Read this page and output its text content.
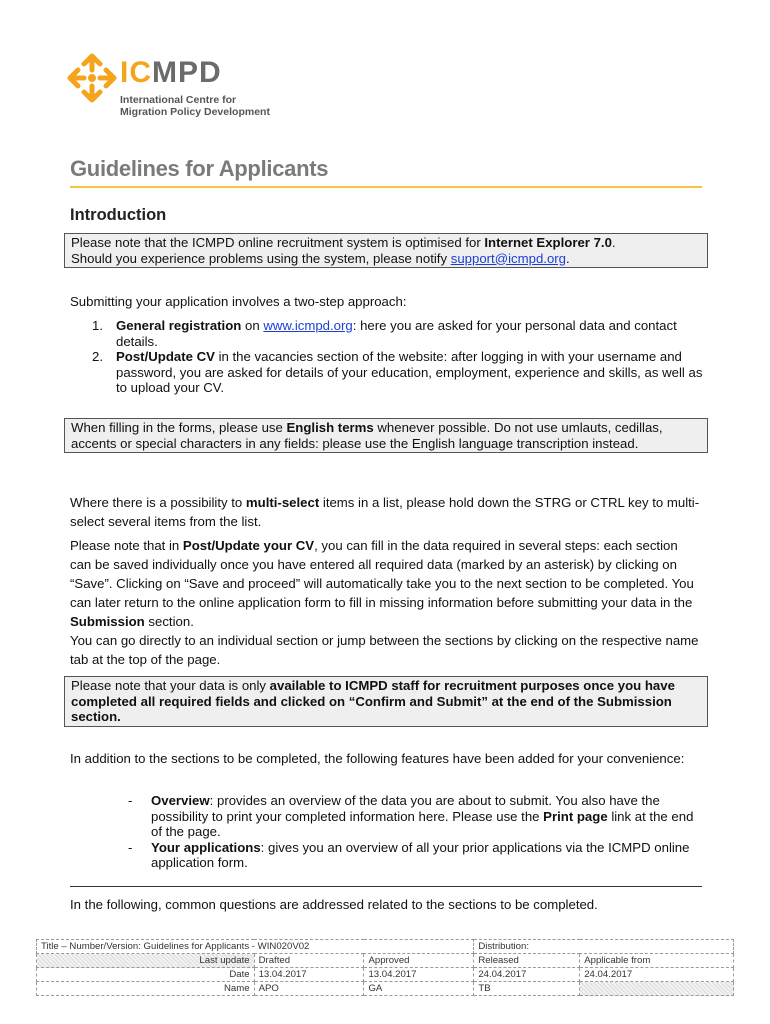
ICMPD
International Centre for
Migration Policy Development
Guidelines for Applicants
Introduction
Please note that the ICMPD online recruitment system is optimised for Internet Explorer 7.0.
Should you experience problems using the system, please notify support@icmpd.org.
Submitting your application involves a two-step approach:
1. General registration on www.icmpd.org: here you are asked for your personal data and contact details.
2. Post/Update CV in the vacancies section of the website: after logging in with your username and password, you are asked for details of your education, employment, experience and skills, as well as to upload your CV.
When filling in the forms, please use English terms whenever possible. Do not use umlauts, cedillas, accents or special characters in any fields: please use the English language transcription instead.
Where there is a possibility to multi-select items in a list, please hold down the STRG or CTRL key to multi-select several items from the list.
Please note that in Post/Update your CV, you can fill in the data required in several steps: each section can be saved individually once you have entered all required data (marked by an asterisk) by clicking on “Save”. Clicking on “Save and proceed” will automatically take you to the next section to be completed. You can later return to the online application form to fill in missing information before submitting your data in the Submission section.
You can go directly to an individual section or jump between the sections by clicking on the respective name tab at the top of the page.
Please note that your data is only available to ICMPD staff for recruitment purposes once you have completed all required fields and clicked on “Confirm and Submit” at the end of the Submission section.
In addition to the sections to be completed, the following features have been added for your convenience:
-	Overview: provides an overview of the data you are about to submit. You also have the possibility to print your completed information here. Please use the Print page link at the end of the page.
-	Your applications: gives you an overview of all your prior applications via the ICMPD online application form.
In the following, common questions are addressed related to the sections to be completed.
Title – Number/Version: Guidelines for Applicants - WIN020V02			Distribution:	
Last update	Drafted	Approved	Released	Applicable from
Date	13.04.2017	13.04.2017	24.04.2017	24.04.2017
Name	APO	GA	TB	
